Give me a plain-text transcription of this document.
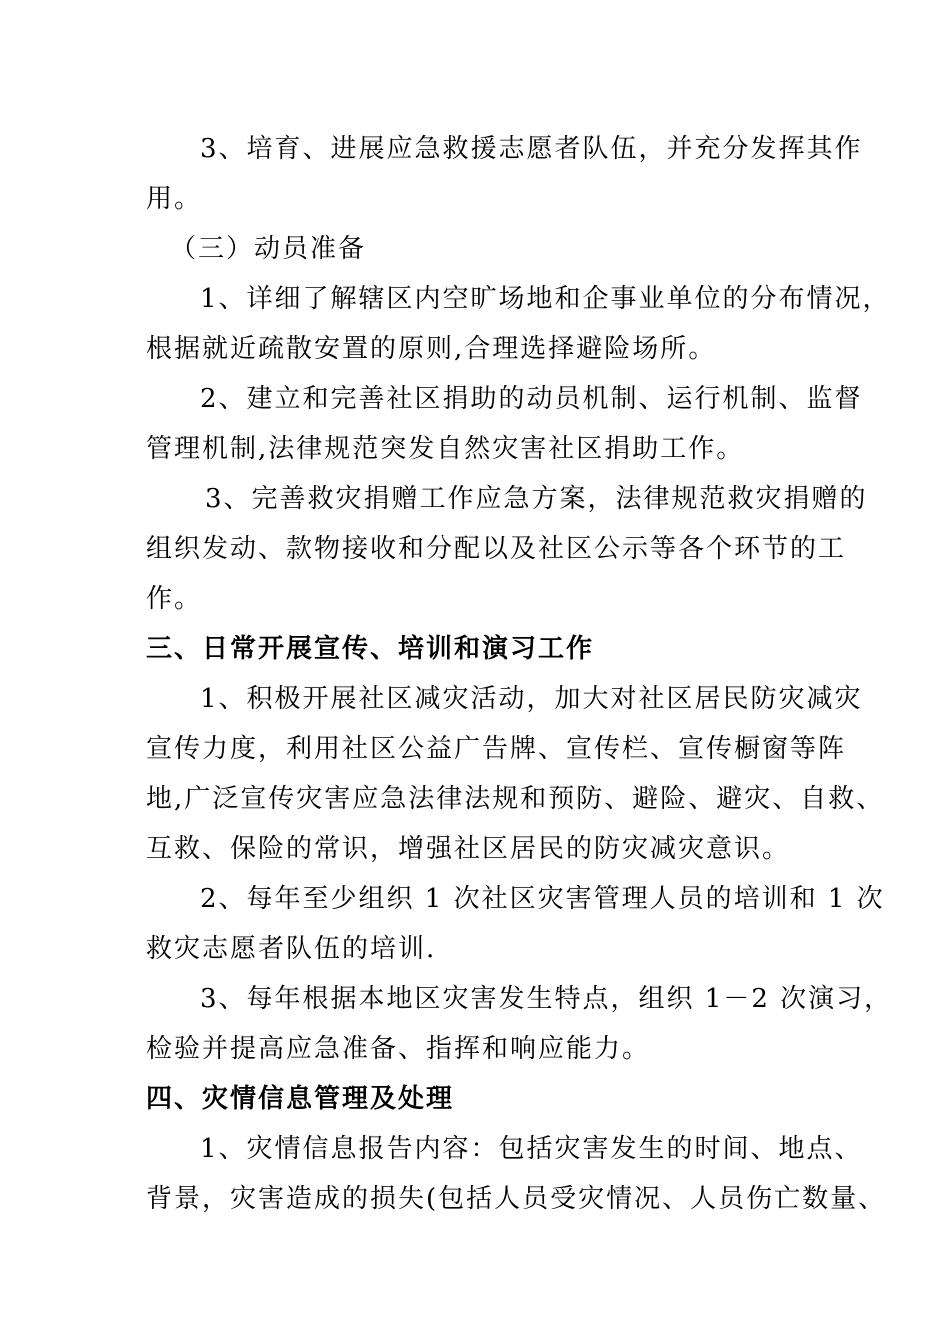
3、培育、进展应急救援志愿者队伍，并充分发挥其作
用。
（三）动员准备
1、详细了解辖区内空旷场地和企事业单位的分布情况，
根据就近疏散安置的原则,合理选择避险场所。
2、建立和完善社区捐助的动员机制、运行机制、监督
管理机制,法律规范突发自然灾害社区捐助工作。
3、完善救灾捐赠工作应急方案，法律规范救灾捐赠的
组织发动、款物接收和分配以及社区公示等各个环节的工
作。
三、日常开展宣传、培训和演习工作
1、积极开展社区减灾活动，加大对社区居民防灾减灾
宣传力度，利用社区公益广告牌、宣传栏、宣传橱窗等阵
地,广泛宣传灾害应急法律法规和预防、避险、避灾、自救、
互救、保险的常识，增强社区居民的防灾减灾意识。
2、每年至少组织 1 次社区灾害管理人员的培训和 1 次
救灾志愿者队伍的培训.
3、每年根据本地区灾害发生特点，组织 1－2 次演习，
检验并提高应急准备、指挥和响应能力。
四、灾情信息管理及处理
1、灾情信息报告内容：包括灾害发生的时间、地点、
背景，灾害造成的损失(包括人员受灾情况、人员伤亡数量、
